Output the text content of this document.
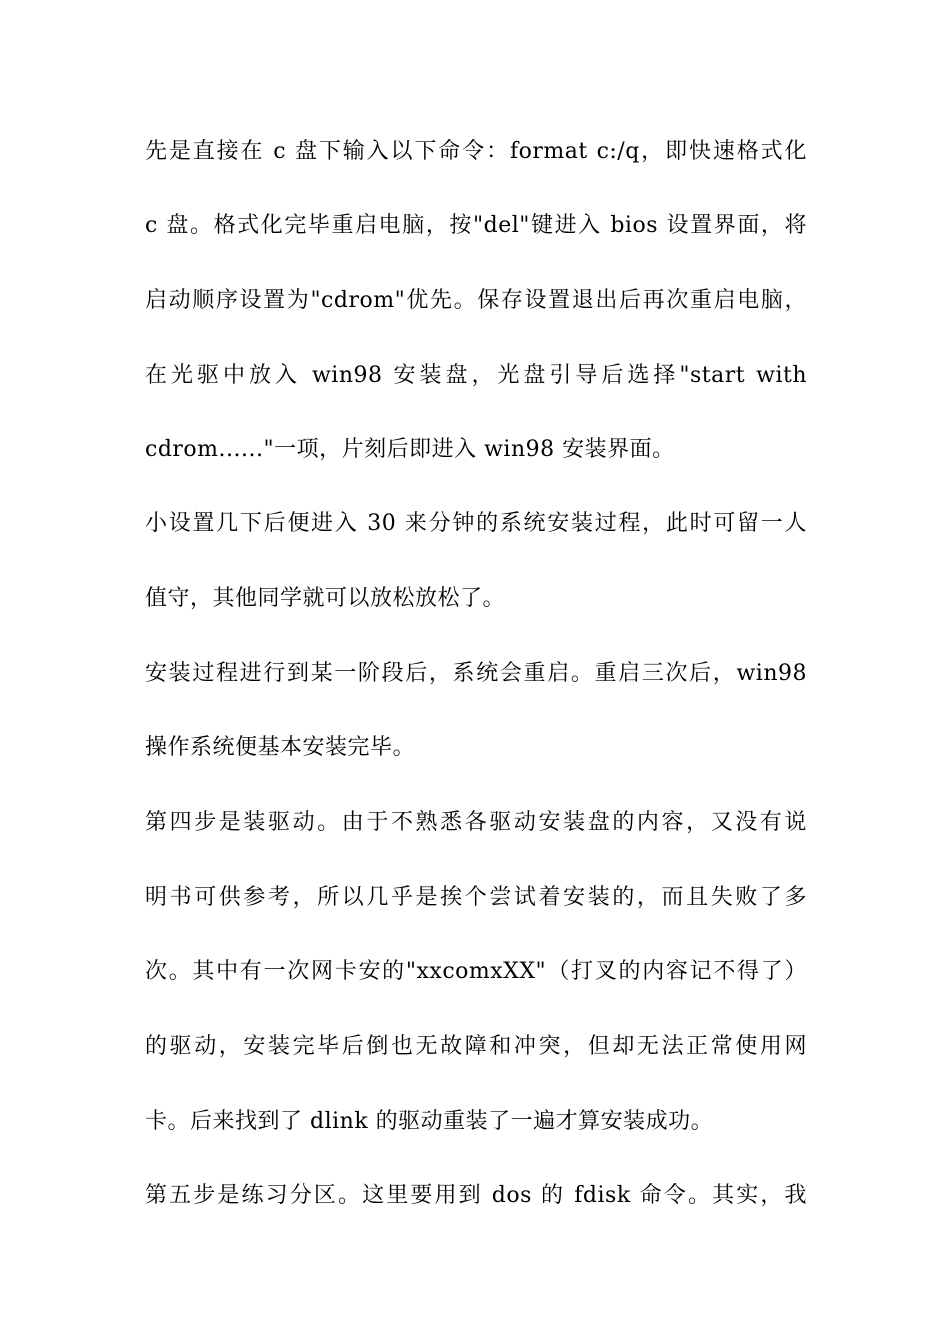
先是直接在 c 盘下输入以下命令：format c:/q，即快速格式化
c 盘。格式化完毕重启电脑，按"del"键进入 bios 设置界面，将
启动顺序设置为"cdrom"优先。保存设置退出后再次重启电脑，
在光驱中放入 win98 安装盘，光盘引导后选择"start with
cdrom......"一项，片刻后即进入 win98 安装界面。
小设置几下后便进入 30 来分钟的系统安装过程，此时可留一人
值守，其他同学就可以放松放松了。
安装过程进行到某一阶段后，系统会重启。重启三次后，win98
操作系统便基本安装完毕。
第四步是装驱动。由于不熟悉各驱动安装盘的内容，又没有说
明书可供参考，所以几乎是挨个尝试着安装的，而且失败了多
次。其中有一次网卡安的"xxcomxXX"（打叉的内容记不得了）
的驱动，安装完毕后倒也无故障和冲突，但却无法正常使用网
卡。后来找到了 dlink 的驱动重装了一遍才算安装成功。
第五步是练习分区。这里要用到 dos 的 fdisk 命令。其实，我
